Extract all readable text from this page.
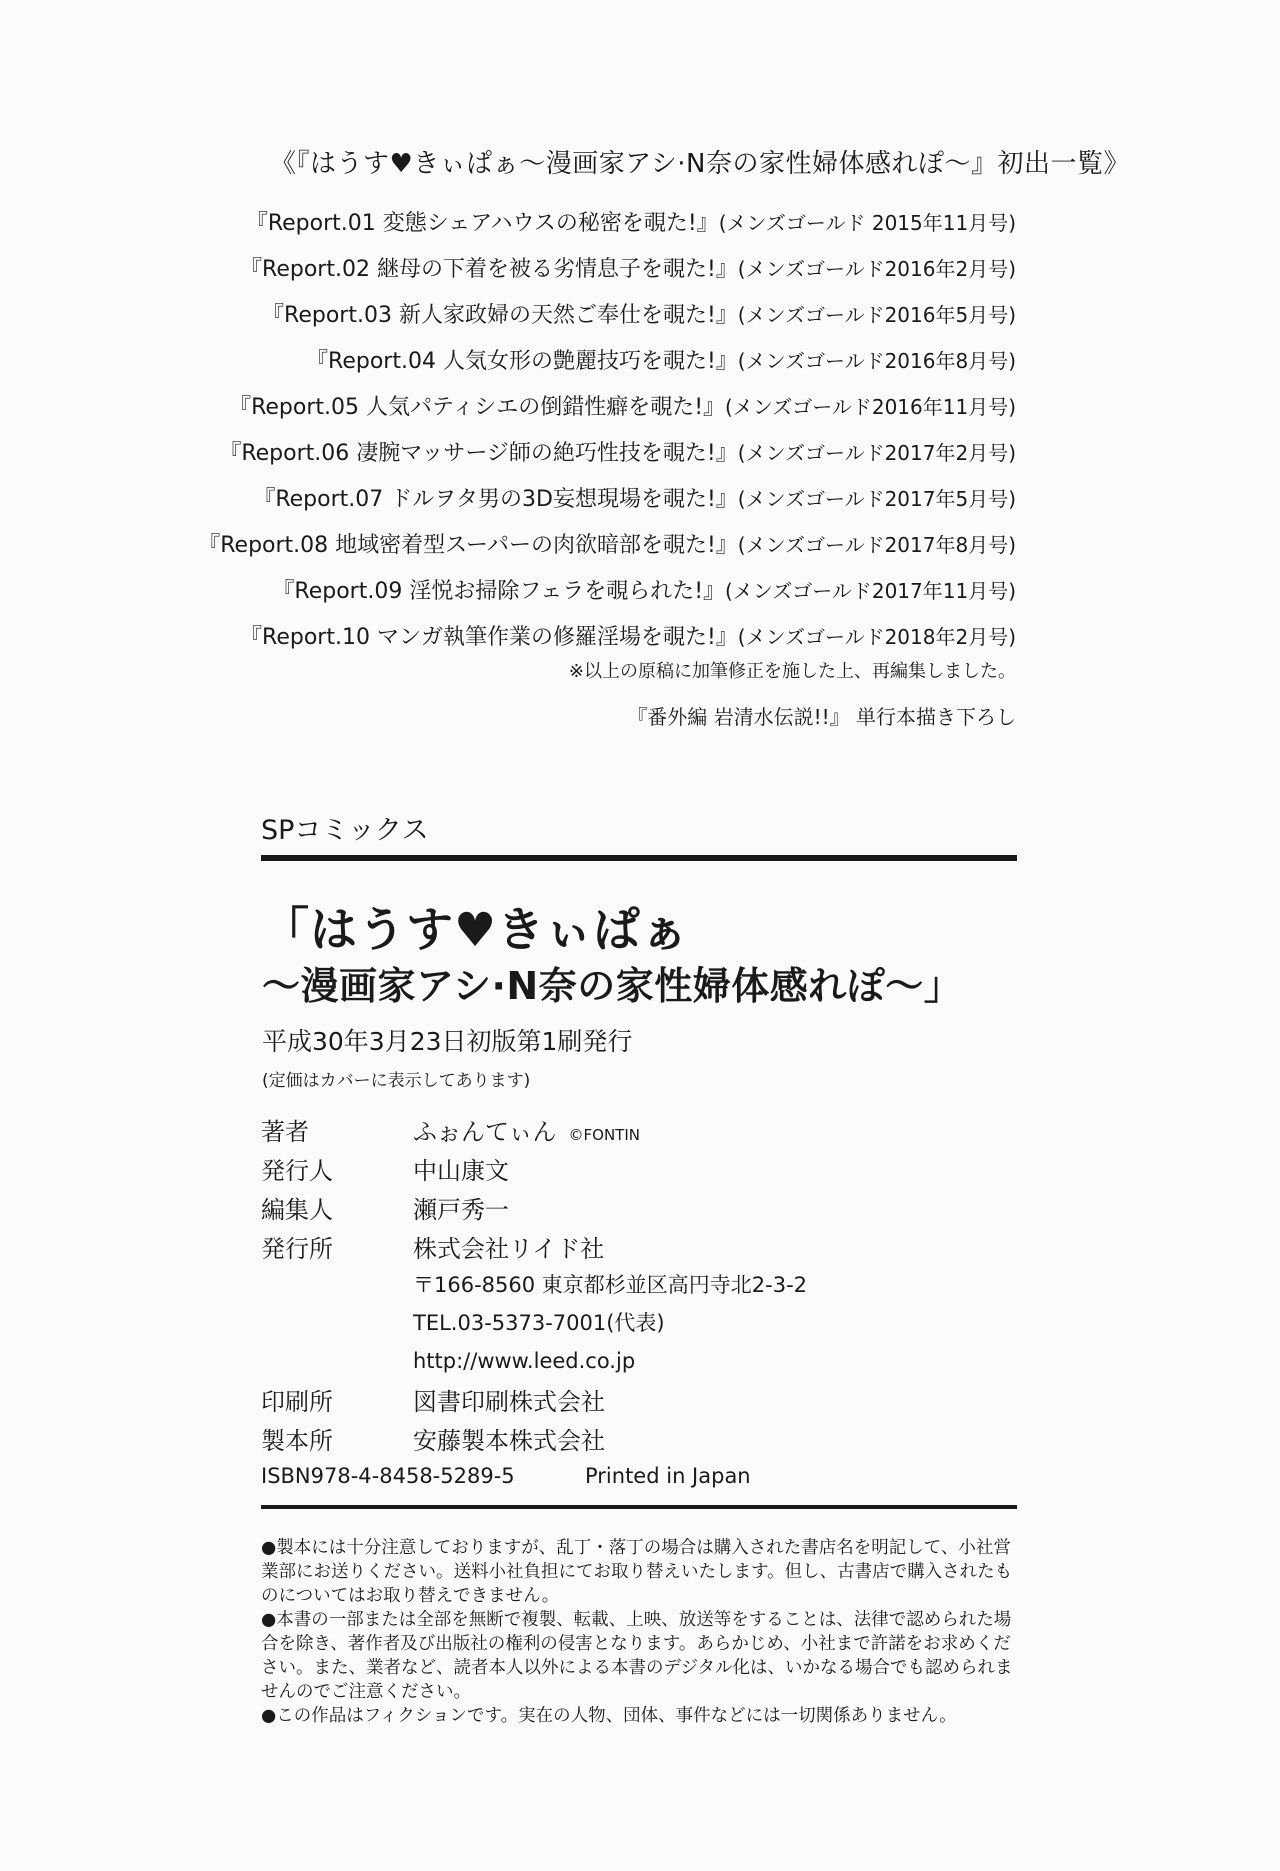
《『はうす♥きぃぱぁ〜漫画家アシ·N奈の家性婦体感れぽ〜』初出一覧》
『Report.01 変態シェアハウスの秘密を覗た!』(メンズゴールド 2015年11月号)
『Report.02 継母の下着を被る劣情息子を覗た!』(メンズゴールド2016年2月号)
『Report.03 新人家政婦の天然ご奉仕を覗た!』(メンズゴールド2016年5月号)
『Report.04 人気女形の艶麗技巧を覗た!』(メンズゴールド2016年8月号)
『Report.05 人気パティシエの倒錯性癖を覗た!』(メンズゴールド2016年11月号)
『Report.06 凄腕マッサージ師の絶巧性技を覗た!』(メンズゴールド2017年2月号)
『Report.07 ドルヲタ男の3D妄想現場を覗た!』(メンズゴールド2017年5月号)
『Report.08 地域密着型スーパーの肉欲暗部を覗た!』(メンズゴールド2017年8月号)
『Report.09 淫悦お掃除フェラを覗られた!』(メンズゴールド2017年11月号)
『Report.10 マンガ執筆作業の修羅淫場を覗た!』(メンズゴールド2018年2月号)
※以上の原稿に加筆修正を施した上、再編集しました。
『番外編 岩清水伝説!!』 単行本描き下ろし
SPコミックス
「はうす♥きぃぱぁ
〜漫画家アシ·N奈の家性婦体感れぽ〜」
平成30年3月23日初版第1刷発行
(定価はカバーに表示してあります)
著者	ふぉんてぃん ©FONTIN
発行人	中山康文
編集人	瀬戸秀一
発行所	株式会社リイド社
〒166-8560 東京都杉並区高円寺北2-3-2
TEL.03-5373-7001(代表)
http://www.leed.co.jp
印刷所	図書印刷株式会社
製本所	安藤製本株式会社
ISBN978-4-8458-5289-5	Printed in Japan

●製本には十分注意しておりますが、乱丁・落丁の場合は購入された書店名を明記して、小社営業部にお送りください。送料小社負担にてお取り替えいたします。但し、古書店で購入されたものについてはお取り替えできません。

●本書の一部または全部を無断で複製、転載、上映、放送等をすることは、法律で認められた場合を除き、著作者及び出版社の権利の侵害となります。あらかじめ、小社まで許諾をお求めください。また、業者など、読者本人以外による本書のデジタル化は、いかなる場合でも認められませんのでご注意ください。

●この作品はフィクションです。実在の人物、団体、事件などには一切関係ありません。
